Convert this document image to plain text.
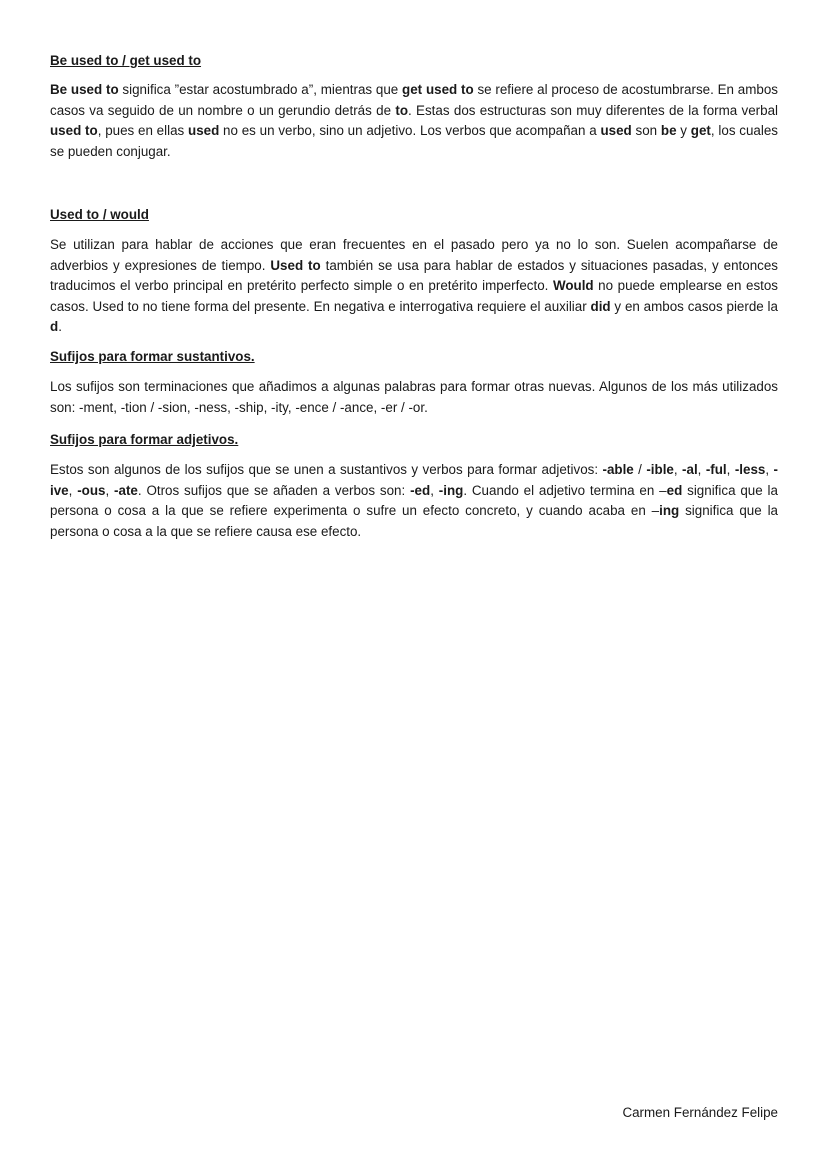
Be used to / get used to

Be used to significa ”estar acostumbrado a”, mientras que get used to se refiere al proceso de acostumbrarse. En ambos casos va seguido de un nombre o un gerundio detrás de to. Estas dos estructuras son muy diferentes de la forma verbal used to, pues en ellas used no es un verbo, sino un adjetivo. Los verbos que acompañan a used son be y get, los cuales se pueden conjugar.

Used to / would

Se utilizan para hablar de acciones que eran frecuentes en el pasado pero ya no lo son. Suelen acompañarse de adverbios y expresiones de tiempo. Used to también se usa para hablar de estados y situaciones pasadas, y entonces traducimos el verbo principal en pretérito perfecto simple o en pretérito imperfecto. Would no puede emplearse en estos casos. Used to no tiene forma del presente. En negativa e interrogativa requiere el auxiliar did y en ambos casos pierde la d.

Sufijos para formar sustantivos.

Los sufijos son terminaciones que añadimos a algunas palabras para formar otras nuevas. Algunos de los más utilizados son: -ment, -tion / -sion, -ness, -ship, -ity, -ence / -ance, -er / -or.

Sufijos para formar adjetivos.

Estos son algunos de los sufijos que se unen a sustantivos y verbos para formar adjetivos: -able / -ible, -al, -ful, -less, -ive, -ous, -ate. Otros sufijos que se añaden a verbos son: -ed, -ing. Cuando el adjetivo termina en –ed significa que la persona o cosa a la que se refiere experimenta o sufre un efecto concreto, y cuando acaba en –ing significa que la persona o cosa a la que se refiere causa ese efecto.

Carmen Fernández Felipe
